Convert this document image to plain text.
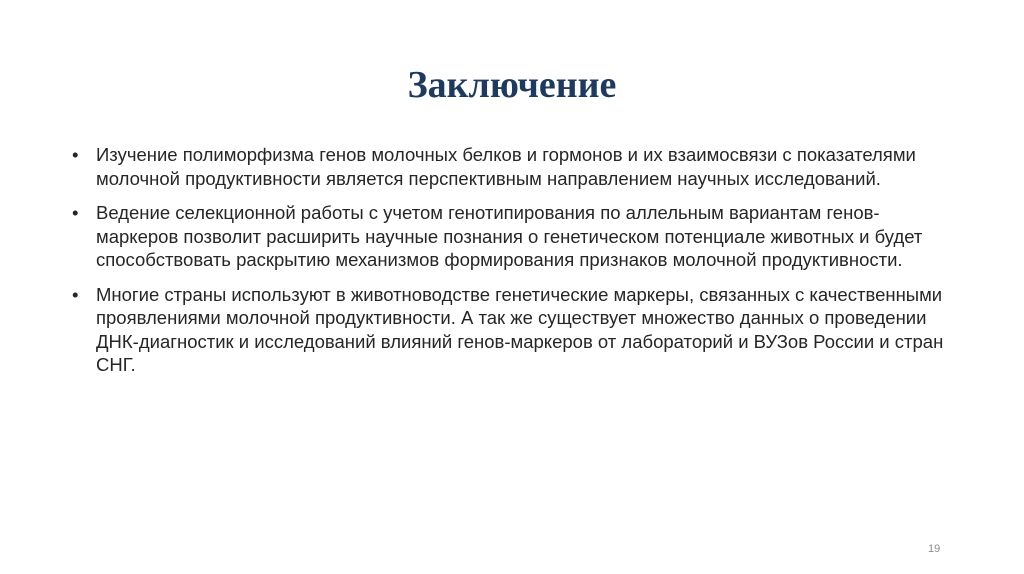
Заключение
• Изучение полиморфизма генов молочных белков и гормонов и их взаимосвязи с показателями молочной продуктивности является перспективным направлением научных исследований.
• Ведение селекционной работы с учетом генотипирования по аллельным вариантам генов-маркеров позволит расширить научные познания о генетическом потенциале животных и будет способствовать раскрытию механизмов формирования признаков молочной продуктивности.
• Многие страны используют в животноводстве генетические маркеры, связанных с качественными проявлениями молочной продуктивности. А так же существует множество данных о проведении ДНК-диагностик и исследований влияний генов-маркеров от лабораторий и ВУЗов России и стран СНГ.
19
